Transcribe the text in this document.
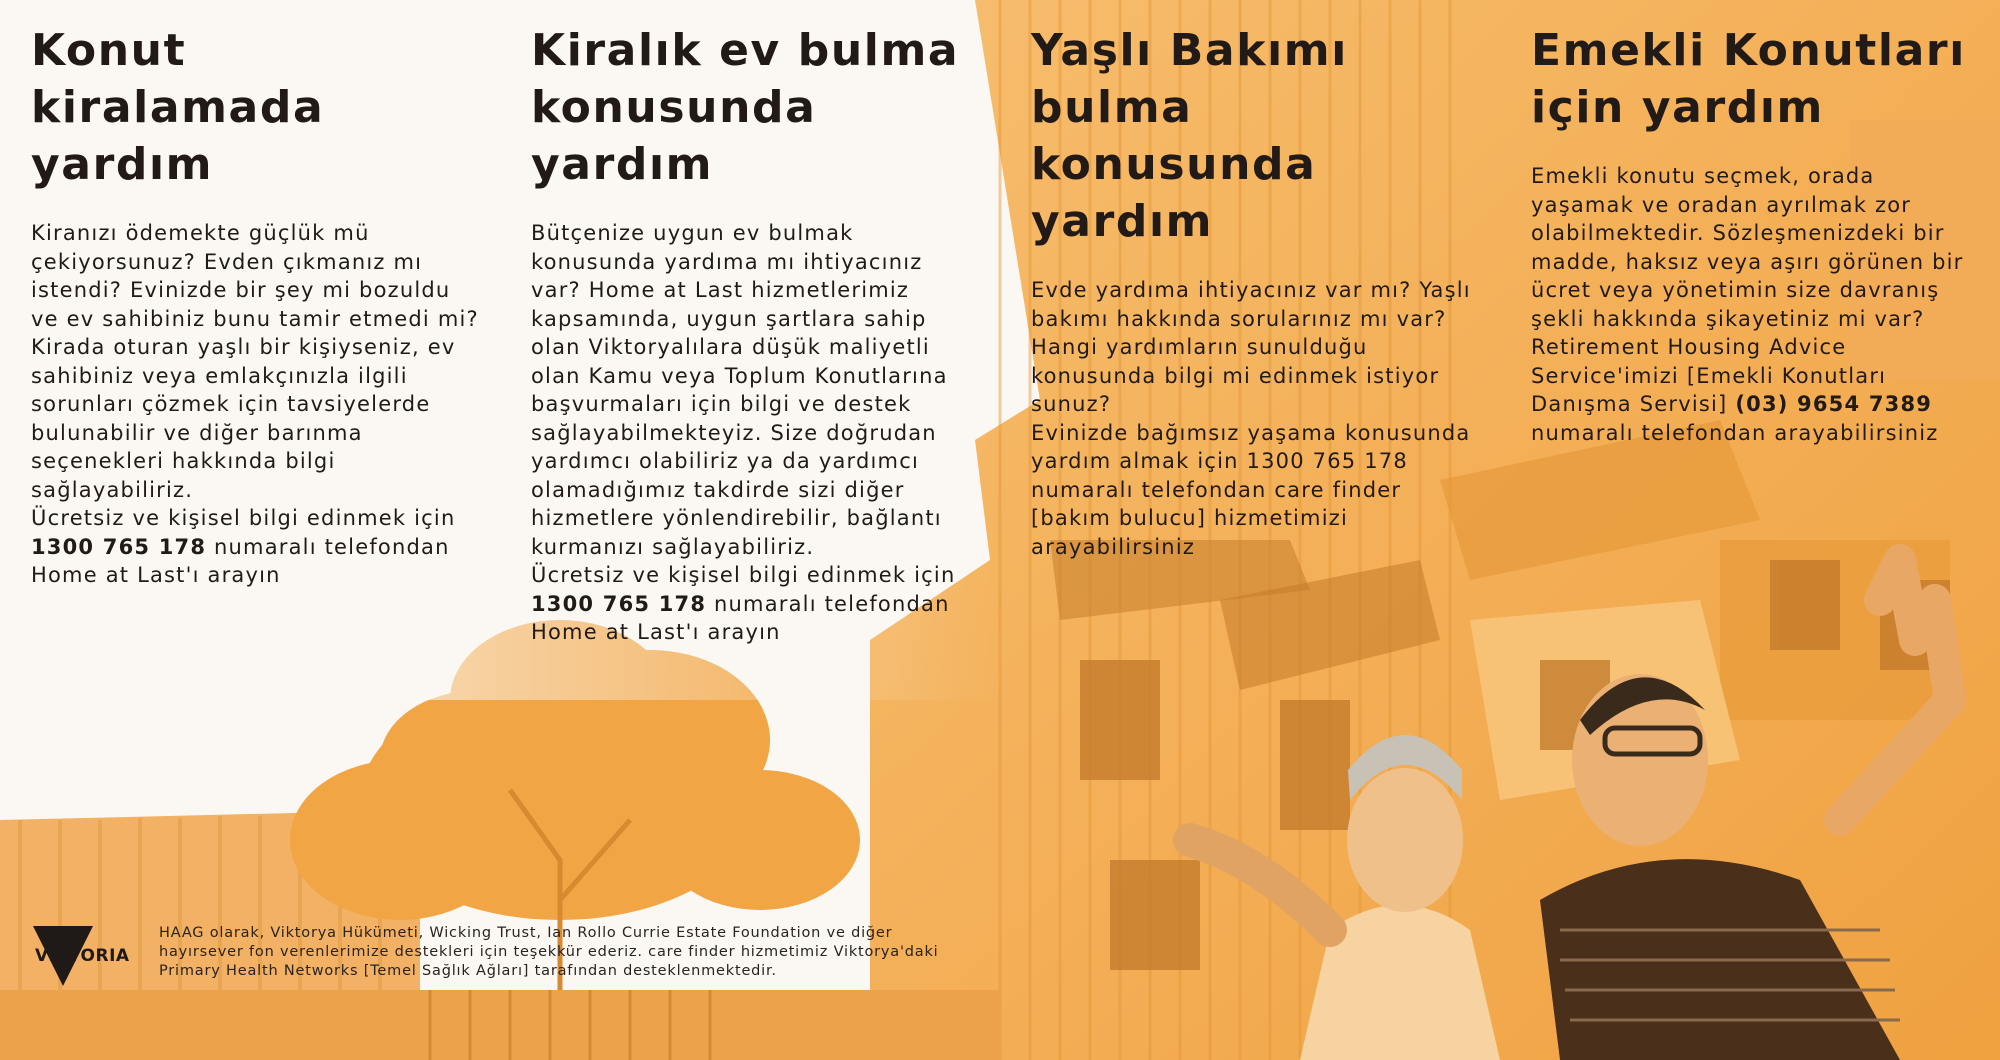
Konut kiralamada yardım

Kiranızı ödemekte güçlük mü çekiyorsunuz? Evden çıkmanız mı istendi? Evinizde bir şey mi bozuldu ve ev sahibiniz bunu tamir etmedi mi?

Kirada oturan yaşlı bir kişiyseniz, ev sahibiniz veya emlakçınızla ilgili sorunları çözmek için tavsiyelerde bulunabilir ve diğer barınma seçenekleri hakkında bilgi sağlayabiliriz.

Ücretsiz ve kişisel bilgi edinmek için 1300 765 178 numaralı telefondan Home at Last'ı arayın

Kiralık ev bulma konusunda yardım

Bütçenize uygun ev bulmak konusunda yardıma mı ihtiyacınız var? Home at Last hizmetlerimiz kapsamında, uygun şartlara sahip olan Viktoryalılara düşük maliyetli olan Kamu veya Toplum Konutlarına başvurmaları için bilgi ve destek sağlayabilmekteyiz. Size doğrudan yardımcı olabiliriz ya da yardımcı olamadığımız takdirde sizi diğer hizmetlere yönlendirebilir, bağlantı kurmanızı sağlayabiliriz.

Ücretsiz ve kişisel bilgi edinmek için 1300 765 178 numaralı telefondan Home at Last'ı arayın

Yaşlı Bakımı bulma konusunda yardım

Evde yardıma ihtiyacınız var mı? Yaşlı bakımı hakkında sorularınız mı var? Hangi yardımların sunulduğu konusunda bilgi mi edinmek istiyor sunuz?

Evinizde bağımsız yaşama konusunda yardım almak için 1300 765 178 numaralı telefondan care finder [bakım bulucu] hizmetimizi arayabilirsiniz

Emekli Konutları için yardım

Emekli konutu seçmek, orada yaşamak ve oradan ayrılmak zor olabilmektedir. Sözleşmenizdeki bir madde, haksız veya aşırı görünen bir ücret veya yönetimin size davranış şekli hakkında şikayetiniz mi var?

Retirement Housing Advice Service'imizi [Emekli Konutları Danışma Servisi] (03) 9654 7389 numaralı telefondan arayabilirsiniz

VICTORIA
HAAG olarak, Viktorya Hükümeti, Wicking Trust, Ian Rollo Currie Estate Foundation ve diğer hayırsever fon verenlerimize destekleri için teşekkür ederiz. care finder hizmetimiz Viktorya'daki Primary Health Networks [Temel Sağlık Ağları] tarafından desteklenmektedir.
